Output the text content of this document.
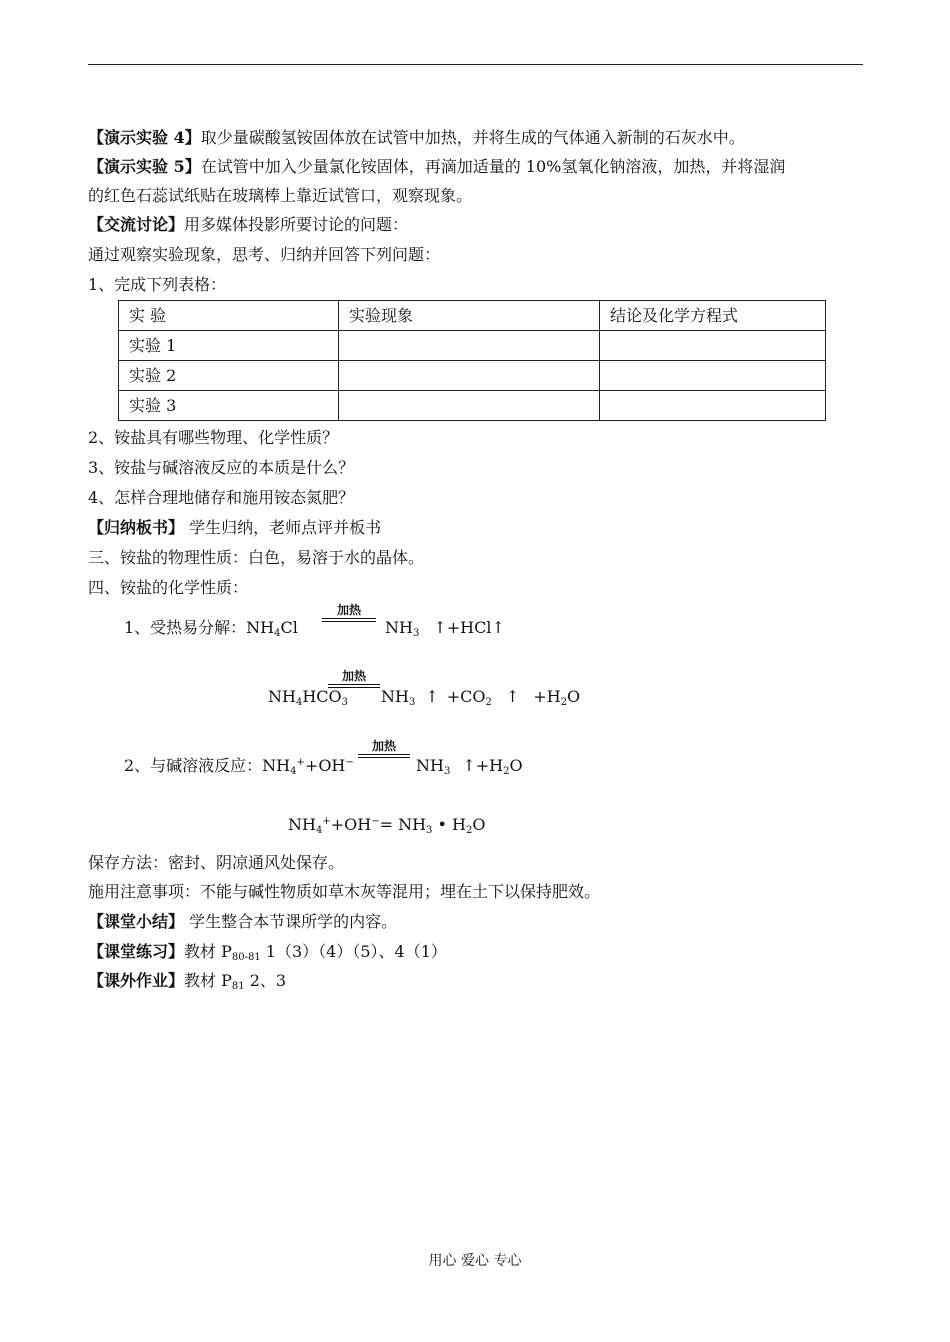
【演示实验 4】取少量碳酸氢铵固体放在试管中加热，并将生成的气体通入新制的石灰水中。
【演示实验 5】在试管中加入少量氯化铵固体，再滴加适量的 10%氢氧化钠溶液，加热，并将湿润
的红色石蕊试纸贴在玻璃棒上靠近试管口，观察现象。
【交流讨论】用多媒体投影所要讨论的问题：
通过观察实验现象，思考、归纳并回答下列问题：
1、完成下列表格：
实 验	实验现象	结论及化学方程式
实验 1		
实验 2		
实验 3		
2、铵盐具有哪些物理、化学性质？
3、铵盐与碱溶液反应的本质是什么？
4、怎样合理地储存和施用铵态氮肥？
【归纳板书】 学生归纳，老师点评并板书
三、铵盐的物理性质：白色，易溶于水的晶体。
四、铵盐的化学性质：
1、受热易分解：$NH_4Cl$
加热
$NH_3$ ↑+HCl↑
$NH_4HCO_3$
加热
$NH_3$ ↑ $+CO_2$ ↑ $+H_2O$
2、与碱溶液反应：$NH_4^++OH^-$
加热
$NH_3$ $↑+H_2O$
$NH_4^++OH^-= NH_3$ • $H_2O$
保存方法：密封、阴凉通风处保存。
施用注意事项：不能与碱性物质如草木灰等混用；埋在土下以保持肥效。
【课堂小结】 学生整合本节课所学的内容。
【课堂练习】教材 $P_{80-81}$ 1（3）（4）（5）、4（1）
【课外作业】教材 $P_{81}$ 2、3
用心 爱心 专心
